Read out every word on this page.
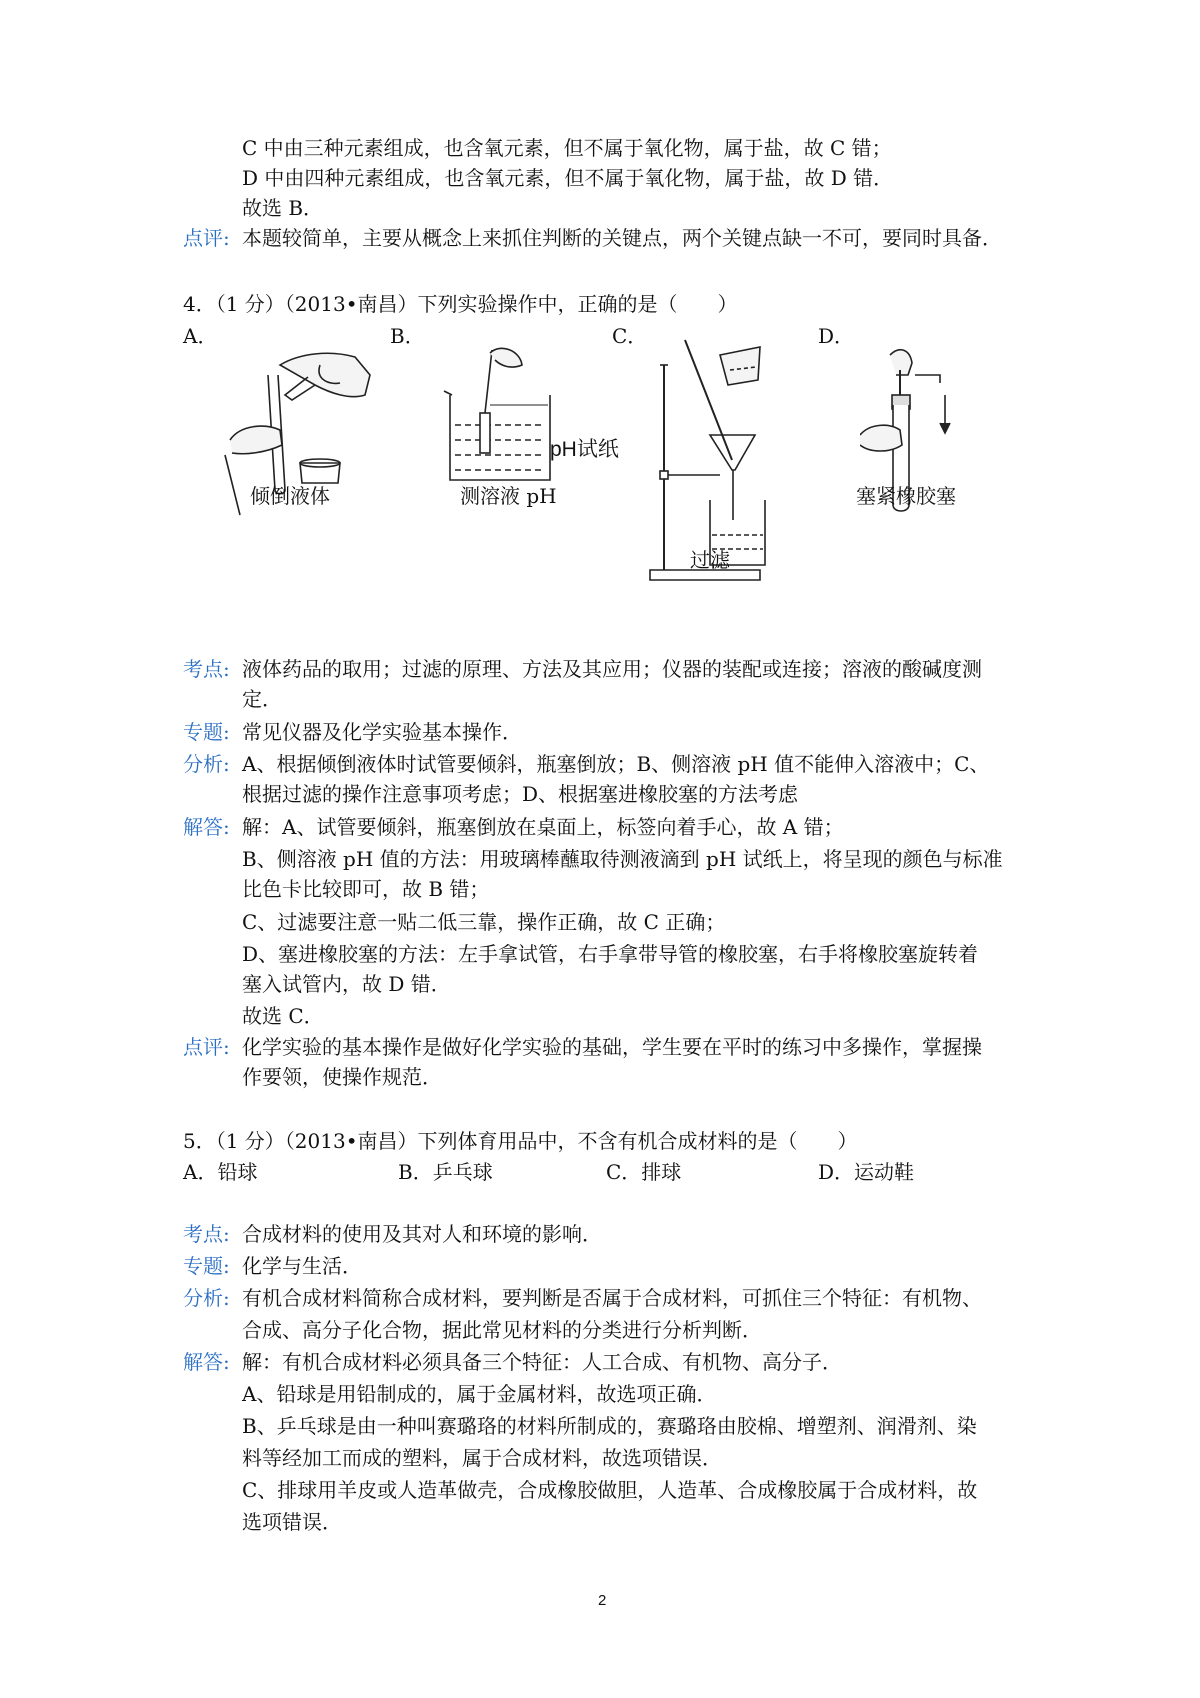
C 中由三种元素组成，也含氧元素，但不属于氧化物，属于盐，故 C 错；
D 中由四种元素组成，也含氧元素，但不属于氧化物，属于盐，故 D 错．
故选 B．
点评: 本题较简单，主要从概念上来抓住判断的关键点，两个关键点缺一不可，要同时具备．
4．（1 分）（2013•南昌）下列实验操作中，正确的是（　　）
A．	B．	C．	D．
pH试纸
倾倒液体	测溶液 pH
过滤
塞紧橡胶塞
考点: 液体药品的取用；过滤的原理、方法及其应用；仪器的装配或连接；溶液的酸碱度测
定．
专题: 常见仪器及化学实验基本操作．
分析: A、根据倾倒液体时试管要倾斜，瓶塞倒放；B、侧溶液 pH 值不能伸入溶液中；C、
根据过滤的操作注意事项考虑；D、根据塞进橡胶塞的方法考虑
解答: 解：A、试管要倾斜，瓶塞倒放在桌面上，标签向着手心，故 A 错；
B、侧溶液 pH 值的方法：用玻璃棒蘸取待测液滴到 pH 试纸上，将呈现的颜色与标准
比色卡比较即可，故 B 错；
C、过滤要注意一贴二低三靠，操作正确，故 C 正确；
D、塞进橡胶塞的方法：左手拿试管，右手拿带导管的橡胶塞，右手将橡胶塞旋转着
塞入试管内，故 D 错．
故选 C．
点评: 化学实验的基本操作是做好化学实验的基础，学生要在平时的练习中多操作，掌握操
作要领，使操作规范．
5．（1 分）（2013•南昌）下列体育用品中，不含有机合成材料的是（　　）
A．铅球	B．乒乓球	C．排球	D．运动鞋
考点: 合成材料的使用及其对人和环境的影响．
专题: 化学与生活．
分析: 有机合成材料简称合成材料，要判断是否属于合成材料，可抓住三个特征：有机物、
合成、高分子化合物，据此常见材料的分类进行分析判断．
解答: 解：有机合成材料必须具备三个特征：人工合成、有机物、高分子．
A、铅球是用铅制成的，属于金属材料，故选项正确．
B、乒乓球是由一种叫赛璐珞的材料所制成的，赛璐珞由胶棉、增塑剂、润滑剂、染
料等经加工而成的塑料，属于合成材料，故选项错误．
C、排球用羊皮或人造革做壳，合成橡胶做胆，人造革、合成橡胶属于合成材料，故
选项错误．
2
